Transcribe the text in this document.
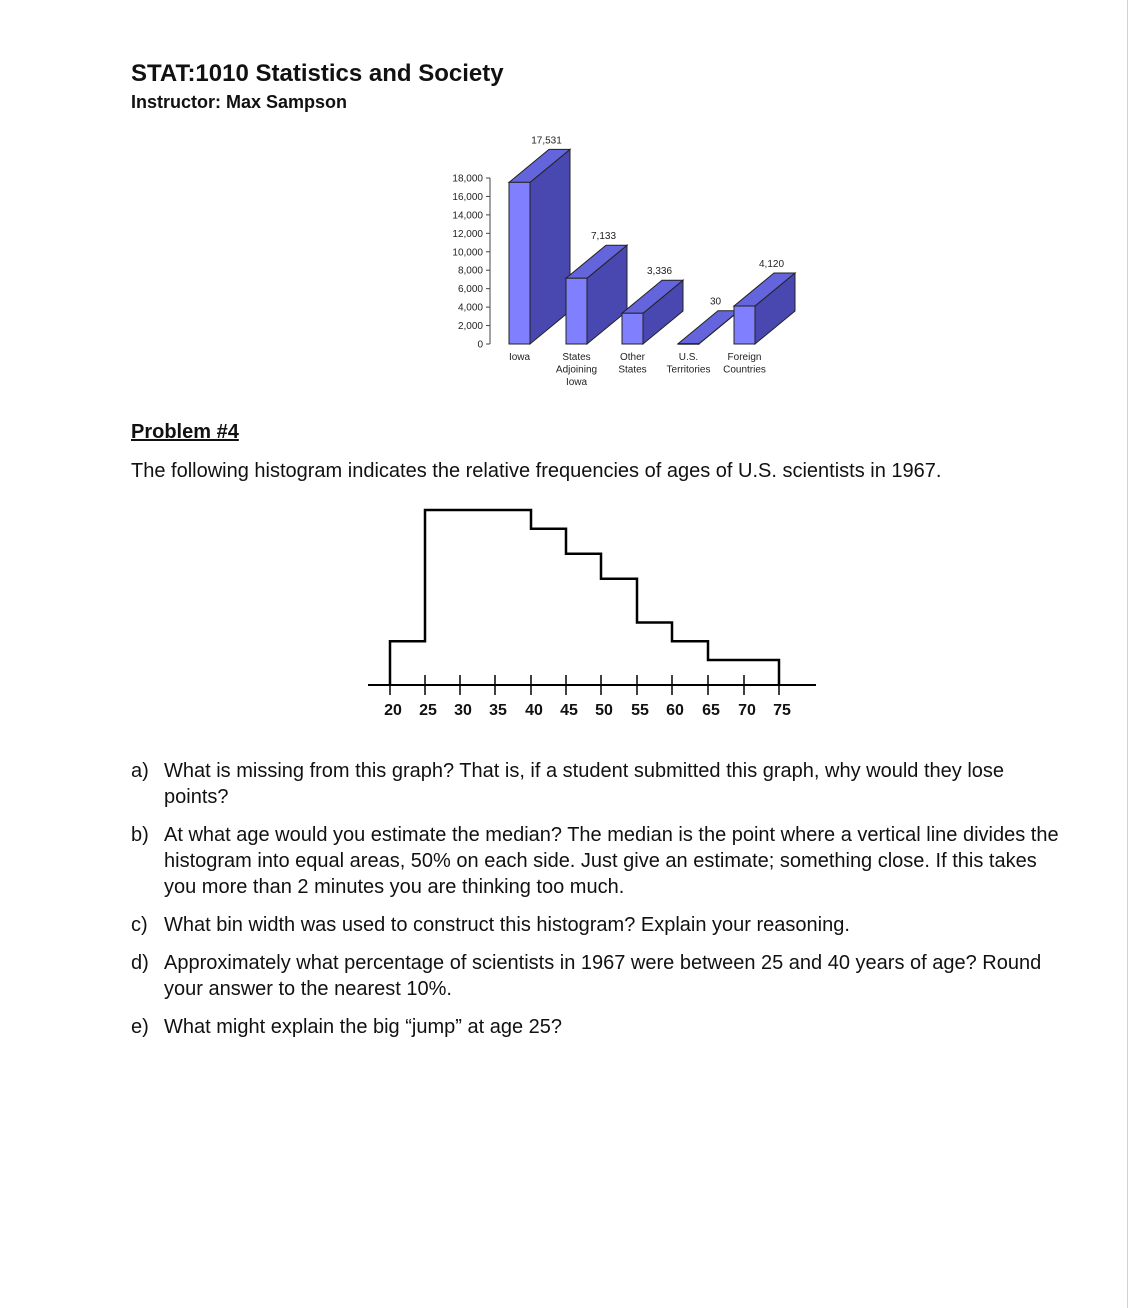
STAT:1010 Statistics and Society
Instructor: Max Sampson
18,000
16,000
14,000
12,000
10,000
8,000
6,000
4,000
2,000
0
17,531
Iowa
7,133
States Adjoining Iowa
3,336
Other States
30
U.S. Territories
4,120
Foreign Countries
Problem #4

The following histogram indicates the relative frequencies of ages of U.S. scientists in 1967.

20 25 30 35 40 45 50 55 60 65 70 75
a) What is missing from this graph? That is, if a student submitted this graph, why would they lose points?
b) At what age would you estimate the median? The median is the point where a vertical line divides the histogram into equal areas, 50% on each side. Just give an estimate; something close. If this takes you more than 2 minutes you are thinking too much.
c) What bin width was used to construct this histogram? Explain your reasoning.
d) Approximately what percentage of scientists in 1967 were between 25 and 40 years of age? Round your answer to the nearest 10%.
e) What might explain the big “jump” at age 25?
